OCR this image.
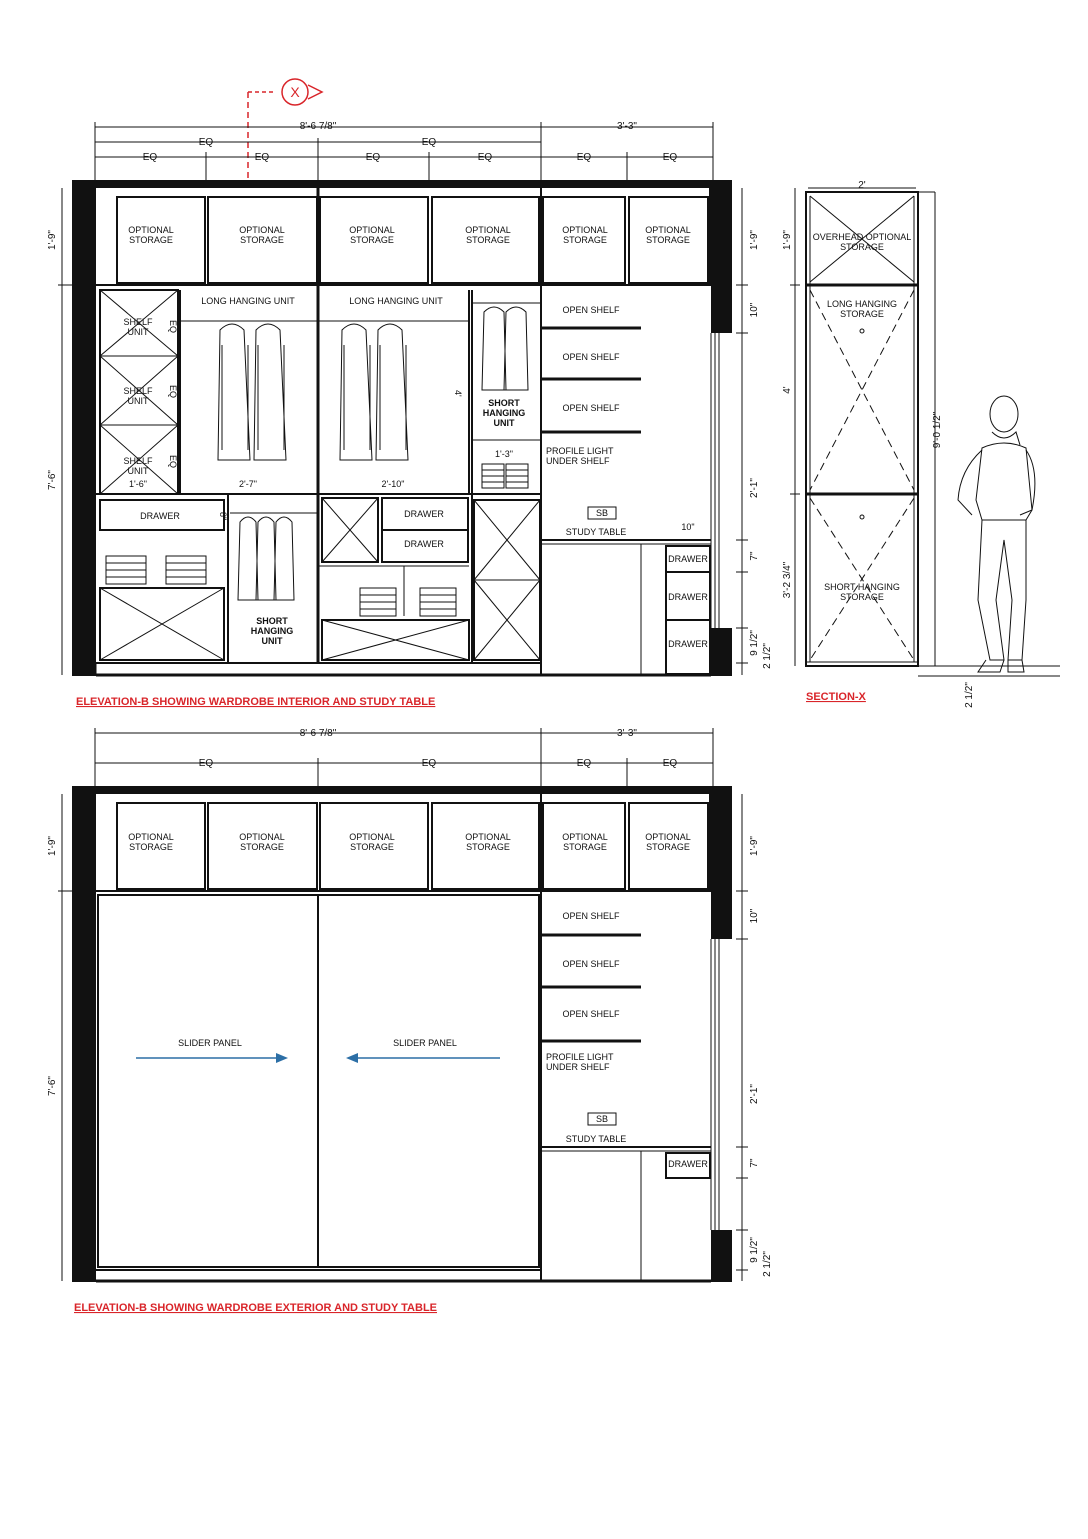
X
8'-6 7/8"	3'-3"
EQ	EQ
EQ	EQ	EQ	EQ	EQ	EQ
OPTIONAL STORAGE
OPTIONAL STORAGE
OPTIONAL STORAGE
OPTIONAL STORAGE
OPTIONAL STORAGE
OPTIONAL STORAGE
SHELF UNIT
SHELF UNIT
SHELF UNIT
EQ
EQ
EQ
1'-6"
LONG HANGING UNIT	LONG HANGING UNIT
2'-7"	2'-10"
4'
SHORT HANGING UNIT
1'-3"
DRAWER	8"
SHORT HANGING UNIT
DRAWER
DRAWER
OPEN SHELF
OPEN SHELF
OPEN SHELF
PROFILE LIGHT UNDER SHELF
SB
STUDY TABLE	10"
DRAWER
DRAWER
DRAWER
1'-9"
7'-6"
1'-9"
10"
2'-1"
7"
9 1/2"
2 1/2"
ELEVATION-B SHOWING WARDROBE INTERIOR AND STUDY TABLE
2'
OVERHEAD OPTIONAL STORAGE
LONG HANGING STORAGE
SHORT HANGING STORAGE
1'-9"
4'
3'-2 3/4"
9'-0 1/2"
2 1/2"
SECTION-X
8'-6 7/8"	3'-3"
EQ	EQ	EQ	EQ
OPTIONAL STORAGE
OPTIONAL STORAGE
OPTIONAL STORAGE
OPTIONAL STORAGE
OPTIONAL STORAGE
OPTIONAL STORAGE
SLIDER PANEL	SLIDER PANEL
OPEN SHELF
OPEN SHELF
OPEN SHELF
PROFILE LIGHT UNDER SHELF
SB
STUDY TABLE
DRAWER
1'-9"
7'-6"
1'-9"
10"
2'-1"
7"
9 1/2"
2 1/2"
ELEVATION-B SHOWING WARDROBE EXTERIOR AND STUDY TABLE
